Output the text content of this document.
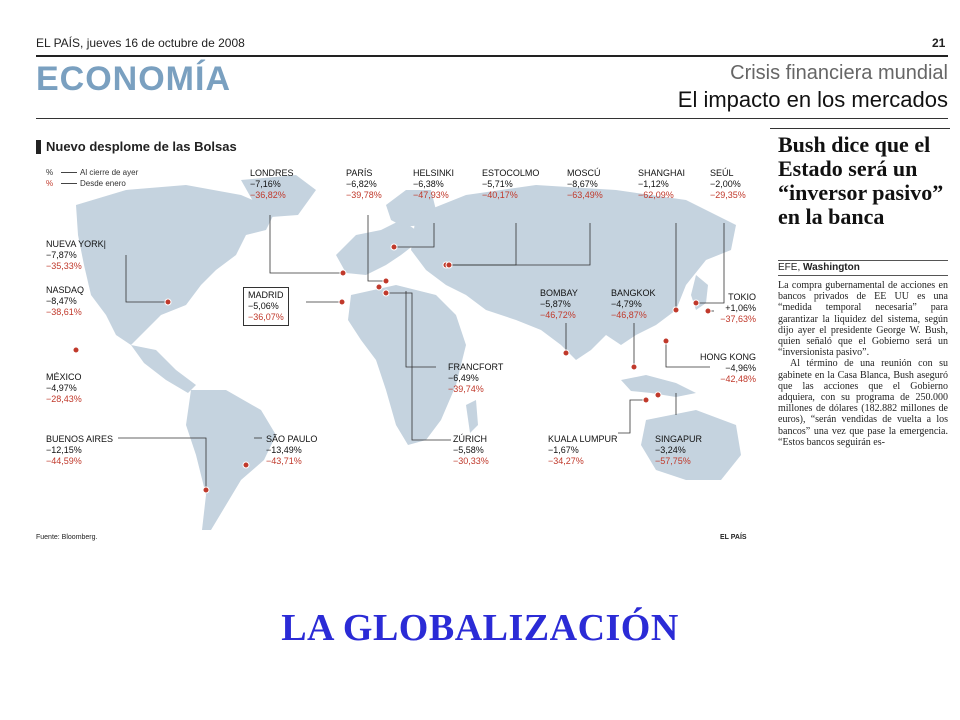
EL PAÍS, jueves 16 de octubre de 2008	21
ECONOMÍA	Crisis financiera mundial
El impacto en los mercados
Nuevo desplome de las Bolsas
%	Al cierre de ayer
%	Desde enero
LONDRES
−7,16%
−36,82%
PARÍS
−6,82%
−39,78%
HELSINKI
−6,38%
−47,93%
ESTOCOLMO
−5,71%
−40,17%
MOSCÚ
−8,67%
−63,49%
SHANGHAI
−1,12%
−62,09%
SEÚL
−2,00%
−29,35%
NUEVA YORK|
−7,87%
−35,33%
NASDAQ
−8,47%
−38,61%
MADRID
−5,06%
−36,07%
BOMBAY
−5,87%
−46,72%
BANGKOK
−4,79%
−46,87%
TOKIO
+1,06%
−37,63%
HONG KONG
−4,96%
−42,48%
MÉXICO
−4,97%
−28,43%
FRANCFORT
−6,49%
−39,74%
BUENOS AIRES
−12,15%
−44,59%
SÃO PAULO
−13,49%
−43,71%
ZÚRICH
−5,58%
−30,33%
KUALA LUMPUR
−1,67%
−34,27%
SINGAPUR
−3,24%
−57,75%
Fuente: Bloomberg.	EL PAÍS
Bush dice que el Estado será un “inversor pasivo” en la banca
EFE, Washington

La compra gubernamental de acciones en bancos privados de EE UU es una “medida temporal necesaria” para garantizar la liquidez del sistema, según dijo ayer el presidente George W. Bush, quien señaló que el Gobierno será un “inversionista pasivo”.

Al término de una reunión con su gabinete en la Casa Blanca, Bush aseguró que las acciones que el Gobierno adquiera, con su programa de 250.000 millones de dólares (182.882 millones de euros), “serán vendidas de vuelta a los bancos” una vez que pase la emergencia. “Estos bancos seguirán es-

LA GLOBALIZACIÓN
